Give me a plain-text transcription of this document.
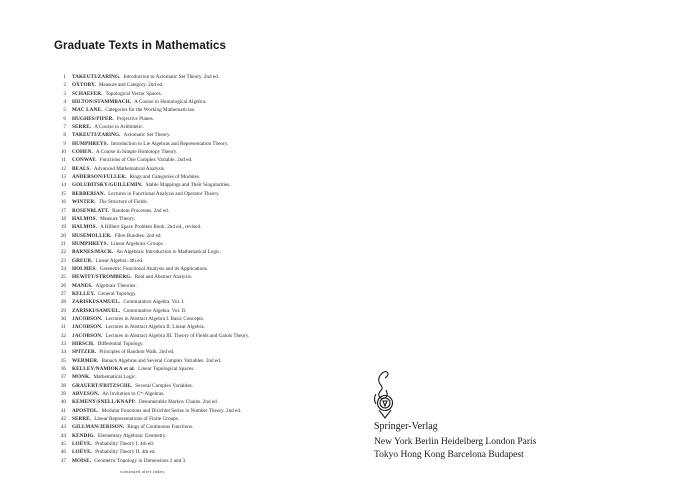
Graduate Texts in Mathematics
1	TAKEUTI/ZARING. Introduction to Axiomatic Set Theory. 2nd ed.
2	OXTOBY. Measure and Category. 2nd ed.
3	SCHAEFER. Topological Vector Spaces.
4	HILTON/STAMMBACH. A Course in Homological Algebra.
5	MAC LANE. Categories for the Working Mathematician.
6	HUGHES/PIPER. Projective Planes.
7	SERRE. A Course in Arithmetic.
8	TAKEUTI/ZARING. Axiomatic Set Theory.
9	HUMPHREYS. Introduction to Lie Algebras and Representation Theory.
10	COHEN. A Course in Simple Homotopy Theory.
11	CONWAY. Functions of One Complex Variable. 2nd ed.
12	BEALS. Advanced Mathematical Analysis.
13	ANDERSON/FULLER. Rings and Categories of Modules.
14	GOLUBITSKY/GUILLEMIN. Stable Mappings and Their Singularities.
15	BERBERIAN. Lectures in Functional Analysis and Operator Theory.
16	WINTER. The Structure of Fields.
17	ROSENBLATT. Random Processes. 2nd ed.
18	HALMOS. Measure Theory.
19	HALMOS. A Hilbert Space Problem Book. 2nd ed., revised.
20	HUSEMOLLER. Fibre Bundles. 2nd ed.
21	HUMPHREYS. Linear Algebraic Groups.
22	BARNES/MACK. An Algebraic Introduction to Mathematical Logic.
23	GREUB. Linear Algebra. 4th ed.
24	HOLMES. Geometric Functional Analysis and its Applications.
25	HEWITT/STROMBERG. Real and Abstract Analysis.
26	MANES. Algebraic Theories.
27	KELLEY. General Topology.
28	ZARISKI/SAMUEL. Commutative Algebra. Vol. I.
29	ZARISKI/SAMUEL. Commutative Algebra. Vol. II.
30	JACOBSON. Lectures in Abstract Algebra I. Basic Concepts.
31	JACOBSON. Lectures in Abstract Algebra II. Linear Algebra.
32	JACOBSON. Lectures in Abstract Algebra III. Theory of Fields and Galois Theory.
33	HIRSCH. Differential Topology.
34	SPITZER. Principles of Random Walk. 2nd ed.
35	WERMER. Banach Algebras and Several Complex Variables. 2nd ed.
36	KELLEY/NAMIOKA et al. Linear Topological Spaces.
37	MONK. Mathematical Logic.
38	GRAUERT/FRITZSCHE. Several Complex Variables.
39	ARVESON. An Invitation to C*-Algebras.
40	KEMENY/SNELL/KNAPP. Denumerable Markov Chains. 2nd ed.
41	APOSTOL. Modular Functions and Dirichlet Series in Number Theory. 2nd ed.
42	SERRE. Linear Representations of Finite Groups.
43	GILLMAN/JERISON. Rings of Continuous Functions.
44	KENDIG. Elementary Algebraic Geometry.
45	LOÈVE. Probability Theory I. 4th ed.
46	LOÈVE. Probability Theory II. 4th ed.
47	MOISE. Geometric Topology in Dimensions 2 and 3.
continued after index
Springer-Verlag
New York Berlin Heidelberg London Paris
Tokyo Hong Kong Barcelona Budapest
